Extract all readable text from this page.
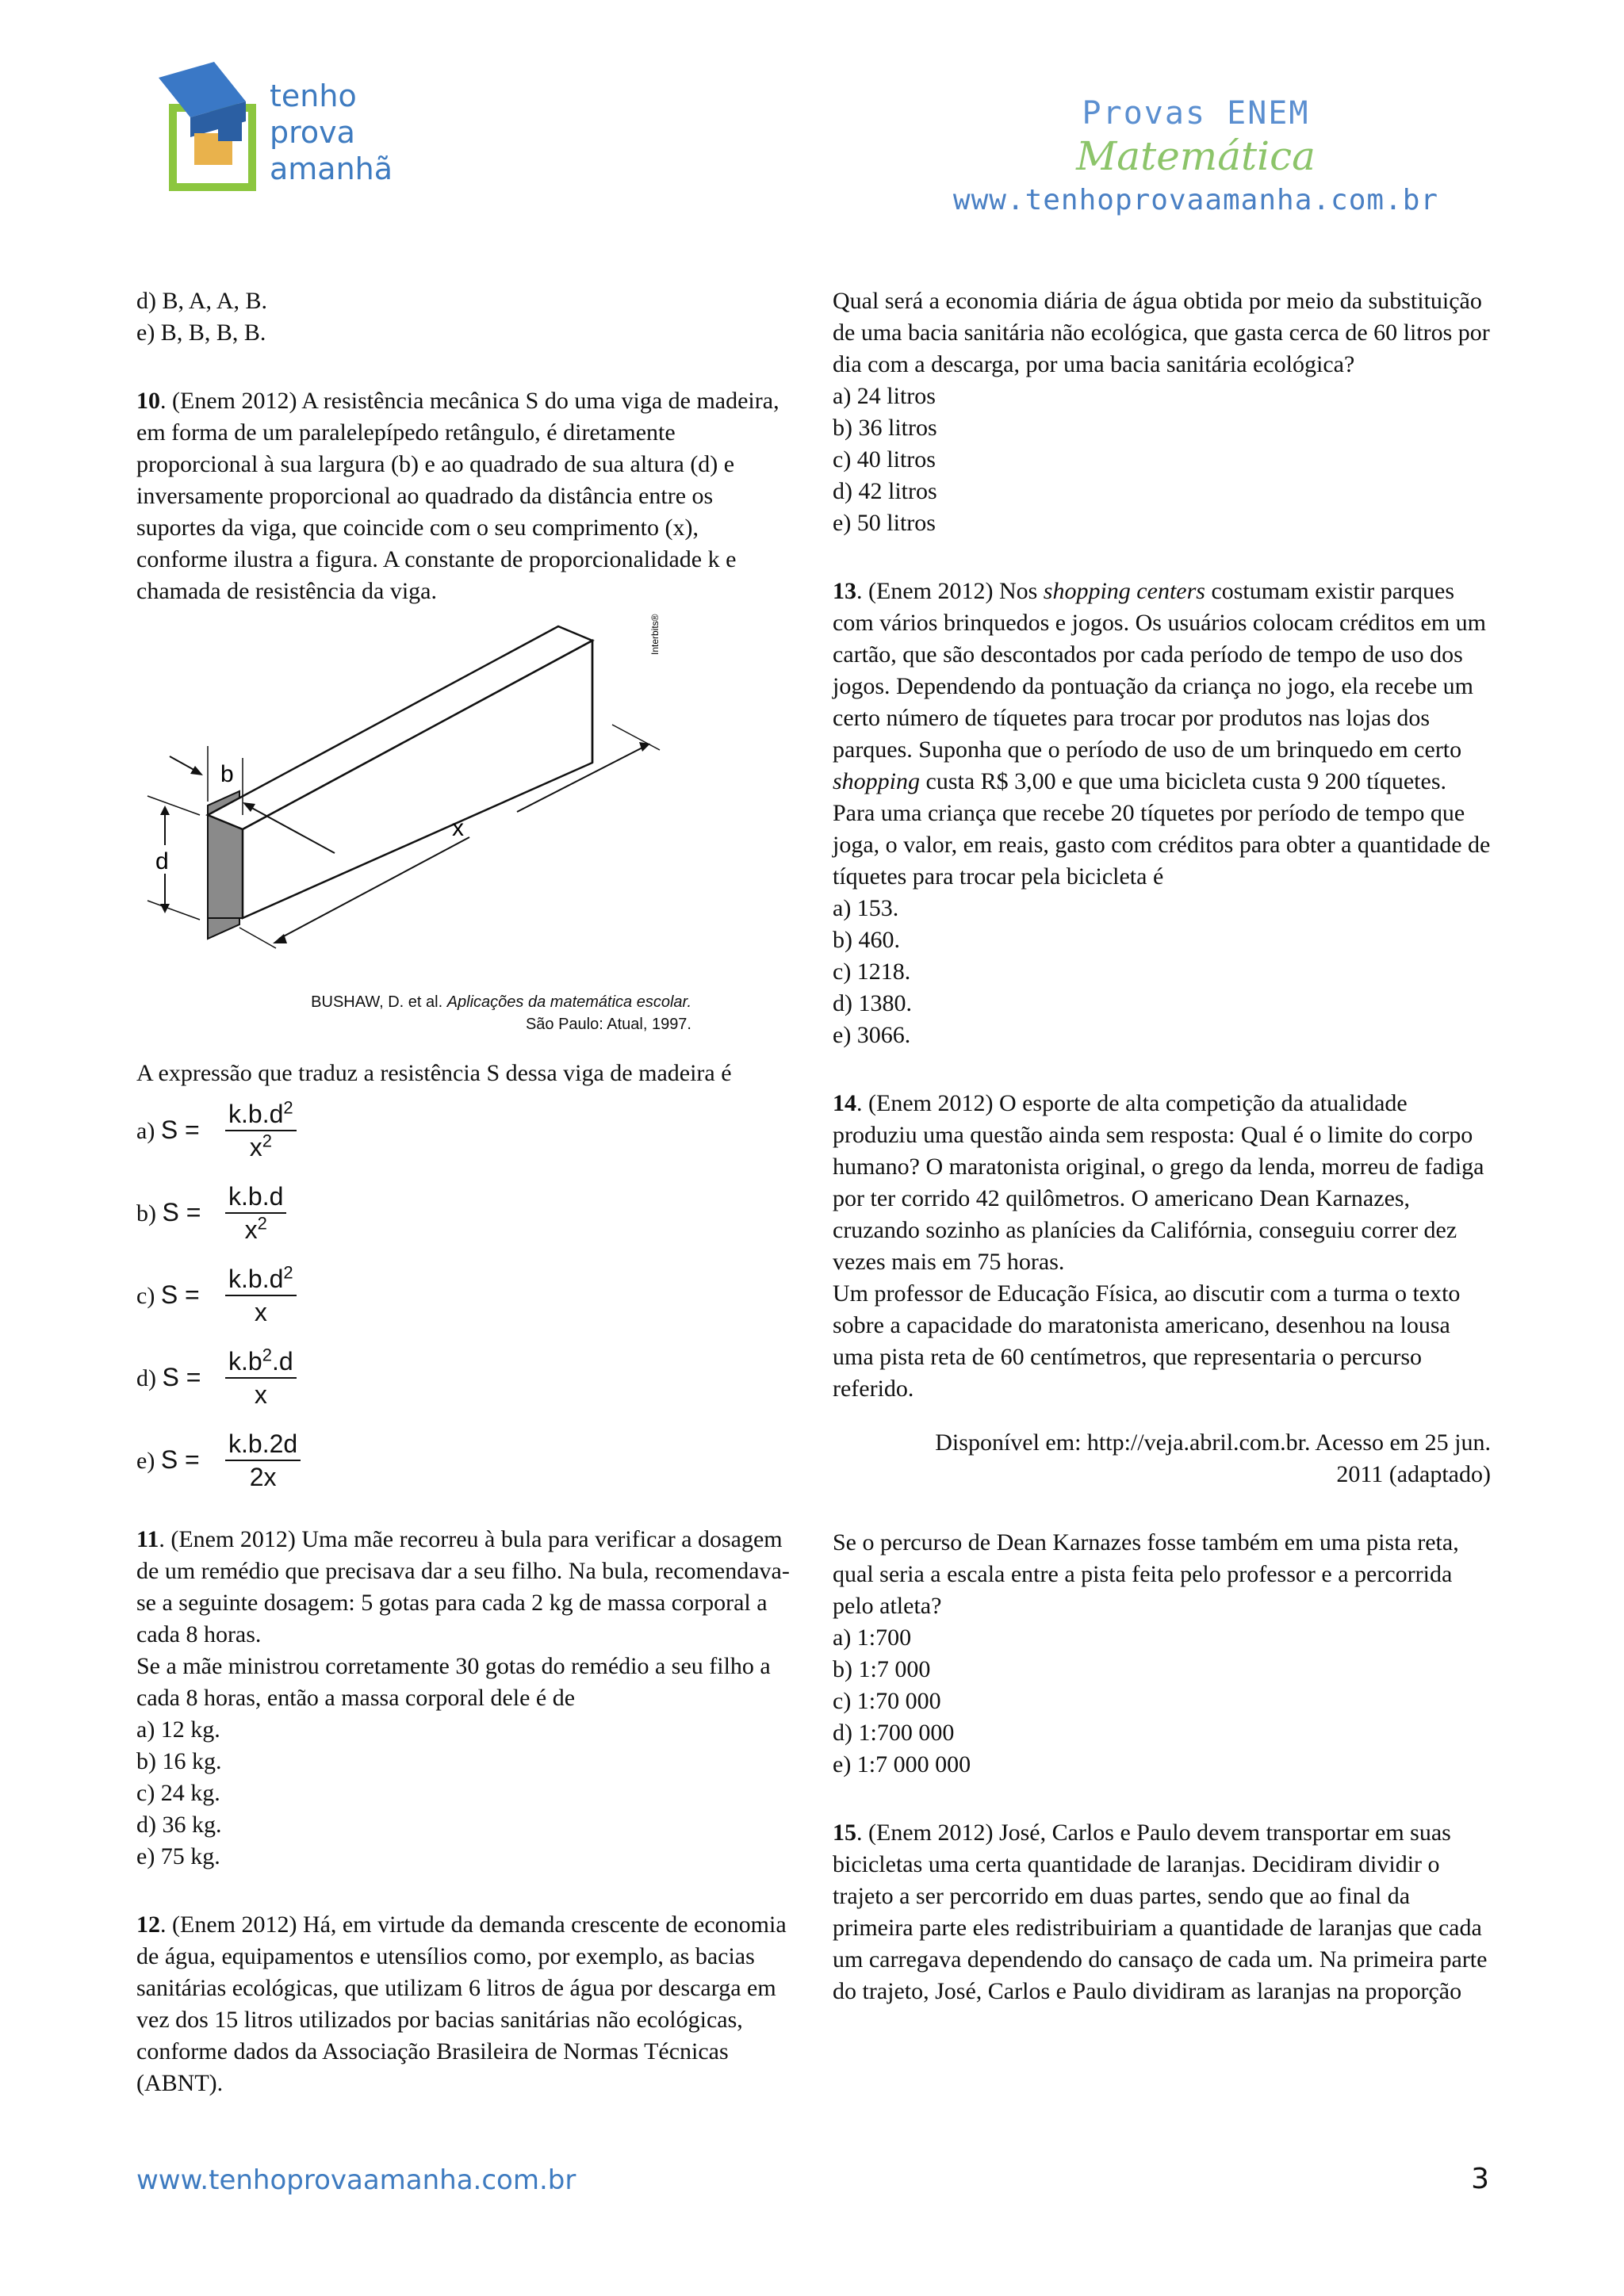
tenho
prova
amanhã
Provas ENEM
Matemática
www.tenhoprovaamanha.com.br

d) B, A, A, B.

e) B, B, B, B.

10. (Enem 2012) A resistência mecânica S do uma viga de madeira, em forma de um paralelepípedo retângulo, é diretamente proporcional à sua largura (b) e ao quadrado de sua altura (d) e inversamente proporcional ao quadrado da distância entre os suportes da viga, que coincide com o seu comprimento (x), conforme ilustra a figura. A constante de proporcionalidade k e chamada de resistência da viga.

b
d
x
Interbits®
BUSHAW, D. et al. Aplicações da matemática escolar.
São Paulo: Atual, 1997.

A expressão que traduz a resistência S dessa viga de madeira é

a) S =	$\frac{k.b.d^2}{x^2}$
b) $S = \frac{k.b.d}{x^2}$
c) S =	$\frac{k.b.d^2}{x}$
d) $S = \frac{k.b^2.d}{x}$
e) S =	$\frac{k.b.2d}{2x}$

11. (Enem 2012) Uma mãe recorreu à bula para verificar a dosagem de um remédio que precisava dar a seu filho. Na bula, recomendava-se a seguinte dosagem: 5 gotas para cada 2 kg de massa corporal a cada 8 horas.

Se a mãe ministrou corretamente 30 gotas do remédio a seu filho a cada 8 horas, então a massa corporal dele é de

a) 12 kg.

b) 16 kg.

c) 24 kg.

d) 36 kg.

e) 75 kg.

12. (Enem 2012) Há, em virtude da demanda crescente de economia de água, equipamentos e utensílios como, por exemplo, as bacias sanitárias ecológicas, que utilizam 6 litros de água por descarga em vez dos 15 litros utilizados por bacias sanitárias não ecológicas, conforme dados da Associação Brasileira de Normas Técnicas (ABNT).

Qual será a economia diária de água obtida por meio da substituição de uma bacia sanitária não ecológica, que gasta cerca de 60 litros por dia com a descarga, por uma bacia sanitária ecológica?

a) 24 litros

b) 36 litros

c) 40 litros

d) 42 litros

e) 50 litros

13. (Enem 2012) Nos shopping centers costumam existir parques com vários brinquedos e jogos. Os usuários colocam créditos em um cartão, que são descontados por cada período de tempo de uso dos jogos. Dependendo da pontuação da criança no jogo, ela recebe um certo número de tíquetes para trocar por produtos nas lojas dos parques. Suponha que o período de uso de um brinquedo em certo shopping custa R$ 3,00 e que uma bicicleta custa 9 200 tíquetes.

Para uma criança que recebe 20 tíquetes por período de tempo que joga, o valor, em reais, gasto com créditos para obter a quantidade de tíquetes para trocar pela bicicleta é

a) 153.

b) 460.

c) 1218.

d) 1380.

e) 3066.

14. (Enem 2012) O esporte de alta competição da atualidade produziu uma questão ainda sem resposta: Qual é o limite do corpo humano? O maratonista original, o grego da lenda, morreu de fadiga por ter corrido 42 quilômetros. O americano Dean Karnazes, cruzando sozinho as planícies da Califórnia, conseguiu correr dez vezes mais em 75 horas.

Um professor de Educação Física, ao discutir com a turma o texto sobre a capacidade do maratonista americano, desenhou na lousa uma pista reta de 60 centímetros, que representaria o percurso referido.

Disponível em: http://veja.abril.com.br. Acesso em 25 jun.

2011 (adaptado)

Se o percurso de Dean Karnazes fosse também em uma pista reta, qual seria a escala entre a pista feita pelo professor e a percorrida pelo atleta?

a) 1:700

b) 1:7 000

c) 1:70 000

d) 1:700 000

e) 1:7 000 000

15. (Enem 2012) José, Carlos e Paulo devem transportar em suas bicicletas uma certa quantidade de laranjas. Decidiram dividir o trajeto a ser percorrido em duas partes, sendo que ao final da primeira parte eles redistribuiriam a quantidade de laranjas que cada um carregava dependendo do cansaço de cada um. Na primeira parte do trajeto, José, Carlos e Paulo dividiram as laranjas na proporção

www.tenhoprovaamanha.com.br	3
